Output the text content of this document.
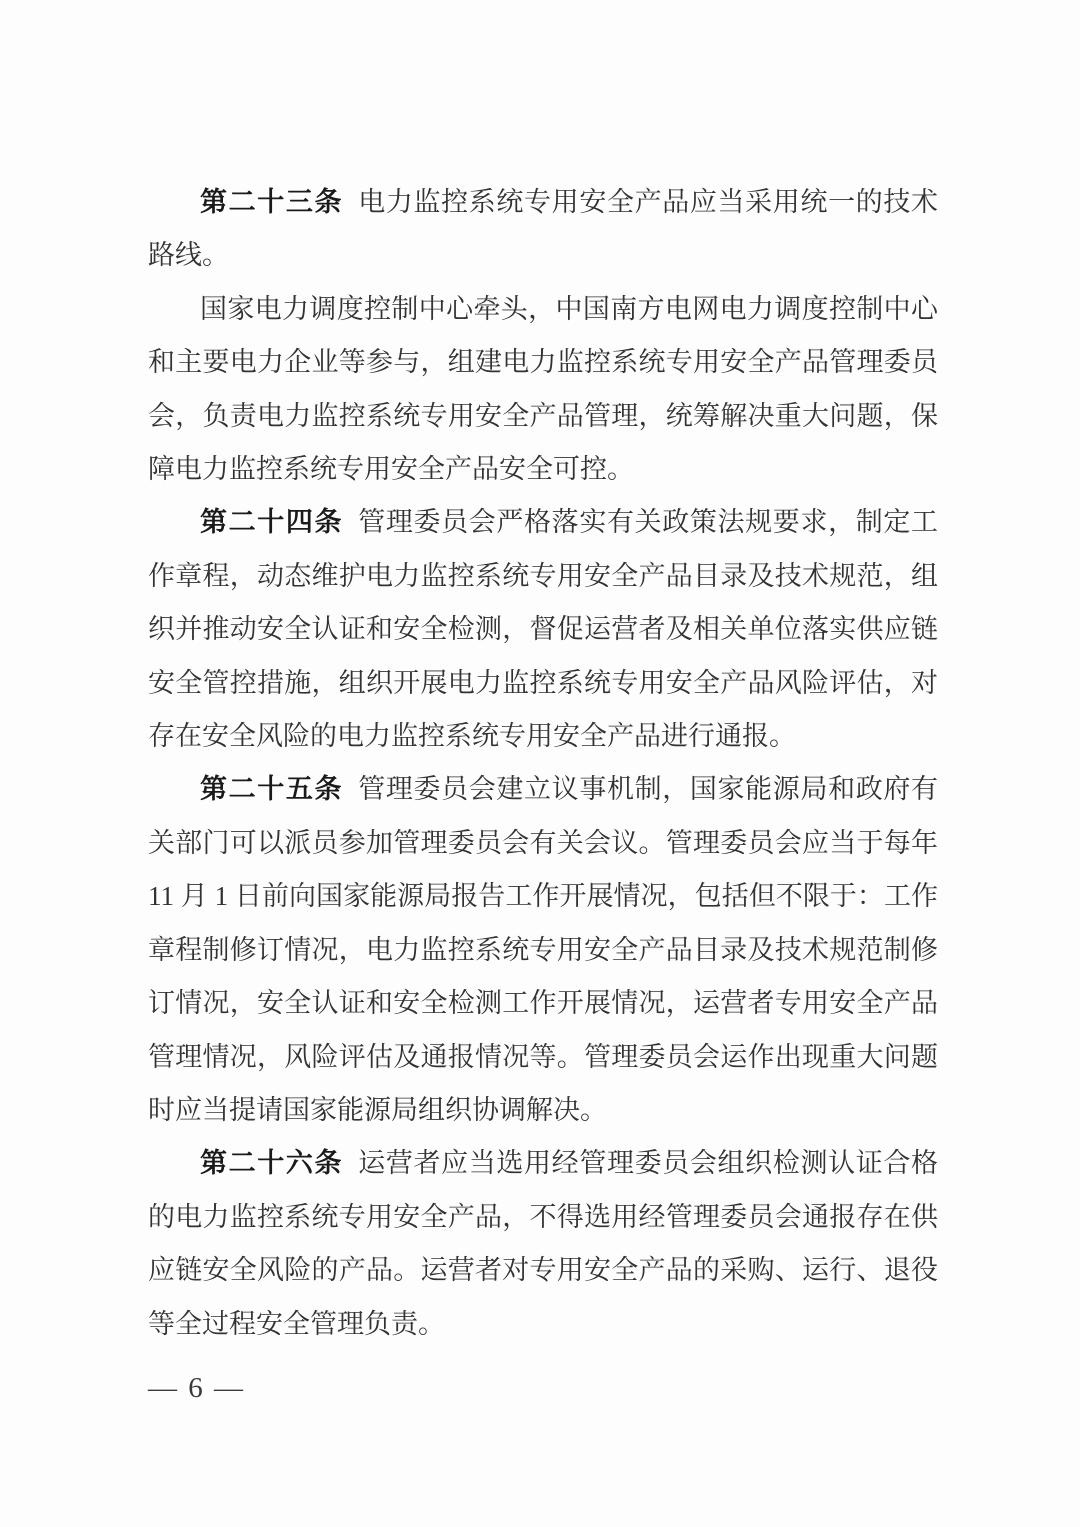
第二十三条 电力监控系统专用安全产品应当采用统一的技术
路线。
国家电力调度控制中心牵头，中国南方电网电力调度控制中心
和主要电力企业等参与，组建电力监控系统专用安全产品管理委员
会，负责电力监控系统专用安全产品管理，统筹解决重大问题，保
障电力监控系统专用安全产品安全可控。
第二十四条 管理委员会严格落实有关政策法规要求，制定工
作章程，动态维护电力监控系统专用安全产品目录及技术规范，组
织并推动安全认证和安全检测，督促运营者及相关单位落实供应链
安全管控措施，组织开展电力监控系统专用安全产品风险评估，对
存在安全风险的电力监控系统专用安全产品进行通报。
第二十五条 管理委员会建立议事机制，国家能源局和政府有
关部门可以派员参加管理委员会有关会议。管理委员会应当于每年
11 月 1 日前向国家能源局报告工作开展情况，包括但不限于：工作
章程制修订情况，电力监控系统专用安全产品目录及技术规范制修
订情况，安全认证和安全检测工作开展情况，运营者专用安全产品
管理情况，风险评估及通报情况等。管理委员会运作出现重大问题
时应当提请国家能源局组织协调解决。
第二十六条 运营者应当选用经管理委员会组织检测认证合格
的电力监控系统专用安全产品，不得选用经管理委员会通报存在供
应链安全风险的产品。运营者对专用安全产品的采购、运行、退役
等全过程安全管理负责。
— 6 —
